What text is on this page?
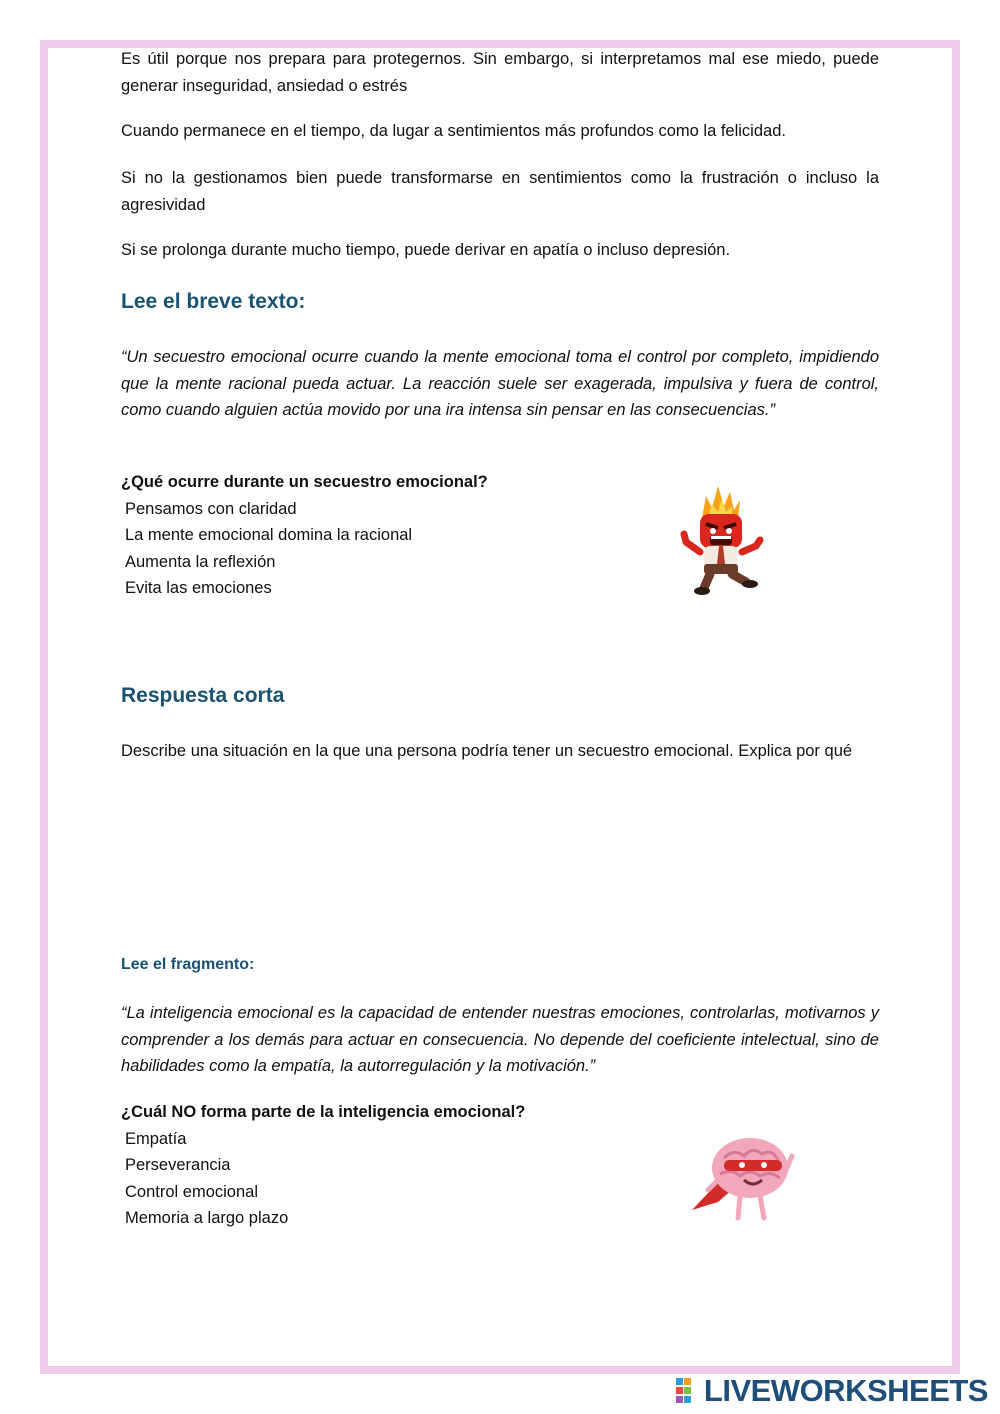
Es útil porque nos prepara para protegernos. Sin embargo, si interpretamos mal ese miedo, puede generar inseguridad, ansiedad o estrés

Cuando permanece en el tiempo, da lugar a sentimientos más profundos como la felicidad.

Si no la gestionamos bien puede transformarse en sentimientos como la frustración o incluso la agresividad

Si se prolonga durante mucho tiempo, puede derivar en apatía o incluso depresión.

Lee el breve texto:

“Un secuestro emocional ocurre cuando la mente emocional toma el control por completo, impidiendo que la mente racional pueda actuar. La reacción suele ser exagerada, impulsiva y fuera de control, como cuando alguien actúa movido por una ira intensa sin pensar en las consecuencias.”

¿Qué ocurre durante un secuestro emocional?

Pensamos con claridad

La mente emocional domina la racional

Aumenta la reflexión

Evita las emociones

Respuesta corta

Describe una situación en la que una persona podría tener un secuestro emocional. Explica por qué

Lee el fragmento:

“La inteligencia emocional es la capacidad de entender nuestras emociones, controlarlas, motivarnos y comprender a los demás para actuar en consecuencia. No depende del coeficiente intelectual, sino de habilidades como la empatía, la autorregulación y la motivación.”

¿Cuál NO forma parte de la inteligencia emocional?

Empatía

Perseverancia

Control emocional

Memoria a largo plazo

LIVEWORKSHEETS
